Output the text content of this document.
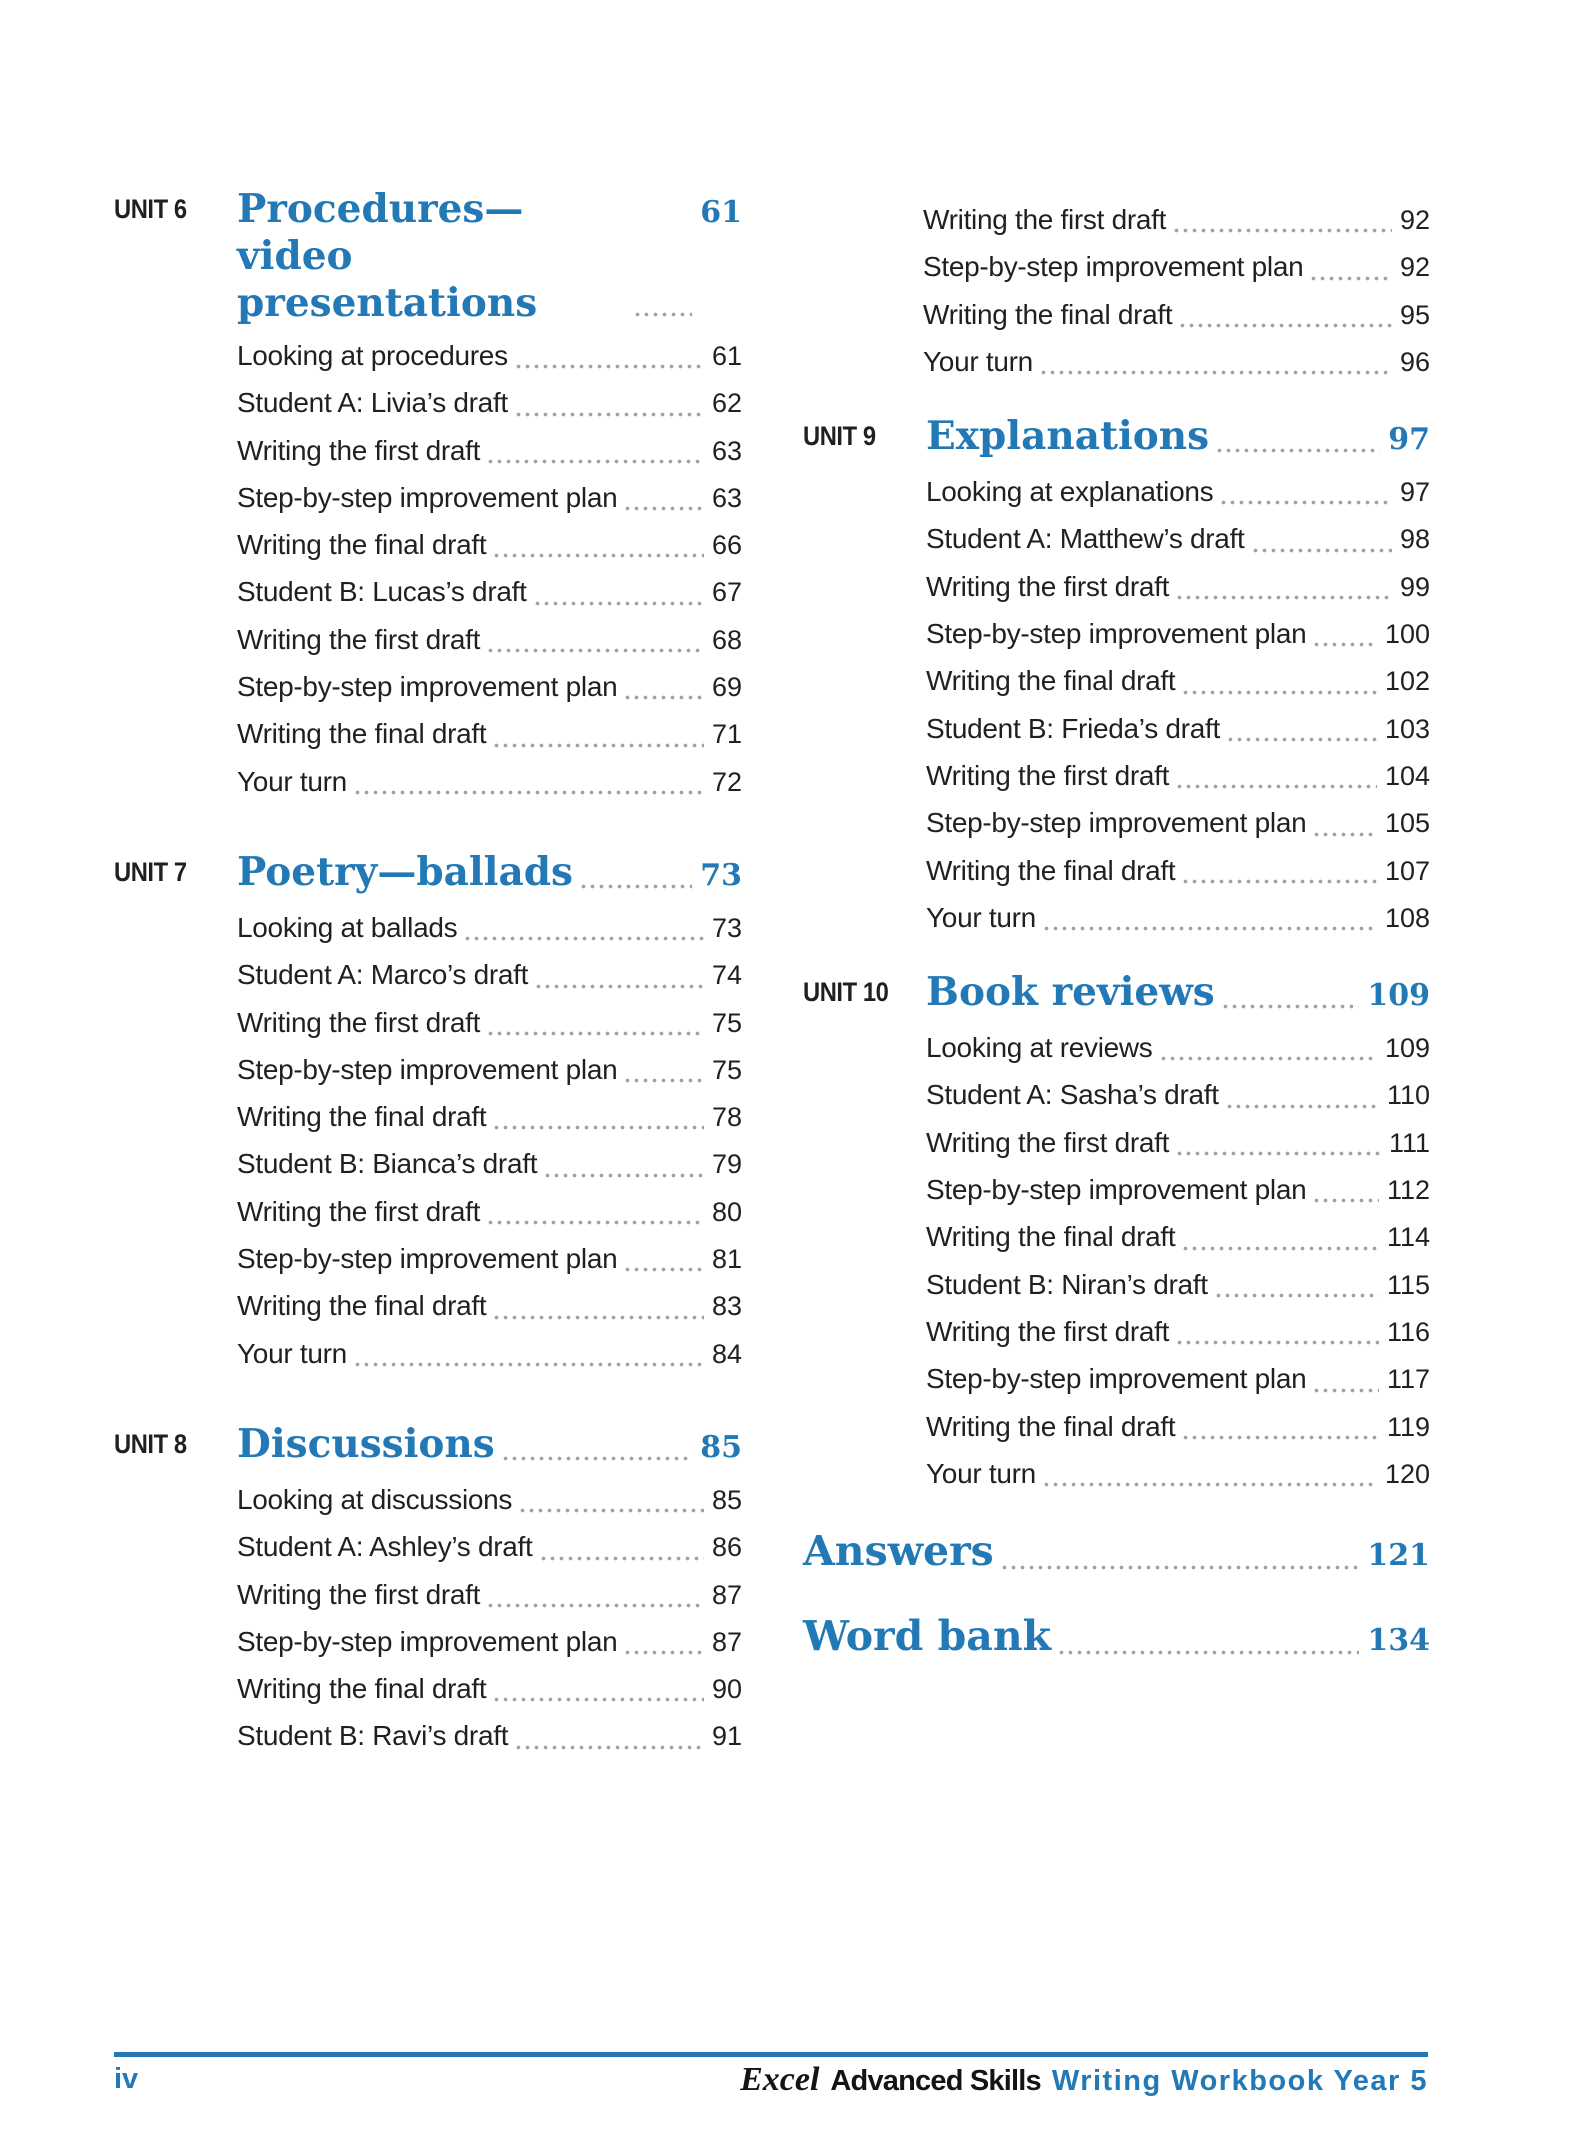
UNIT 6	Procedures—video presentations
61
Looking at procedures	61
Student A: Livia’s draft	62
Writing the first draft	63
Step-by-step improvement plan	63
Writing the final draft	66
Student B: Lucas’s draft	67
Writing the first draft	68
Step-by-step improvement plan	69
Writing the final draft	71
Your turn	72
UNIT 7	Poetry—ballads	73
Looking at ballads	73
Student A: Marco’s draft	74
Writing the first draft	75
Step-by-step improvement plan	75
Writing the final draft	78
Student B: Bianca’s draft	79
Writing the first draft	80
Step-by-step improvement plan	81
Writing the final draft	83
Your turn	84
UNIT 8	Discussions	85
Looking at discussions	85
Student A: Ashley’s draft	86
Writing the first draft	87
Step-by-step improvement plan	87
Writing the final draft	90
Student B: Ravi’s draft	91
Writing the first draft	92
Step-by-step improvement plan	92
Writing the final draft	95
Your turn	96
UNIT 9	Explanations	97
Looking at explanations	97
Student A: Matthew’s draft	98
Writing the first draft	99
Step-by-step improvement plan	100
Writing the final draft	102
Student B: Frieda’s draft	103
Writing the first draft	104
Step-by-step improvement plan	105
Writing the final draft	107
Your turn	108
UNIT 10 Book reviews	109
Looking at reviews	109
Student A: Sasha’s draft	110
Writing the first draft	111
Step-by-step improvement plan	112
Writing the final draft	114
Student B: Niran’s draft	115
Writing the first draft	116
Step-by-step improvement plan	117
Writing the final draft	119
Your turn	120
Answers	121
Word bank	134
iv	Excel Advanced Skills Writing Workbook Year 5
